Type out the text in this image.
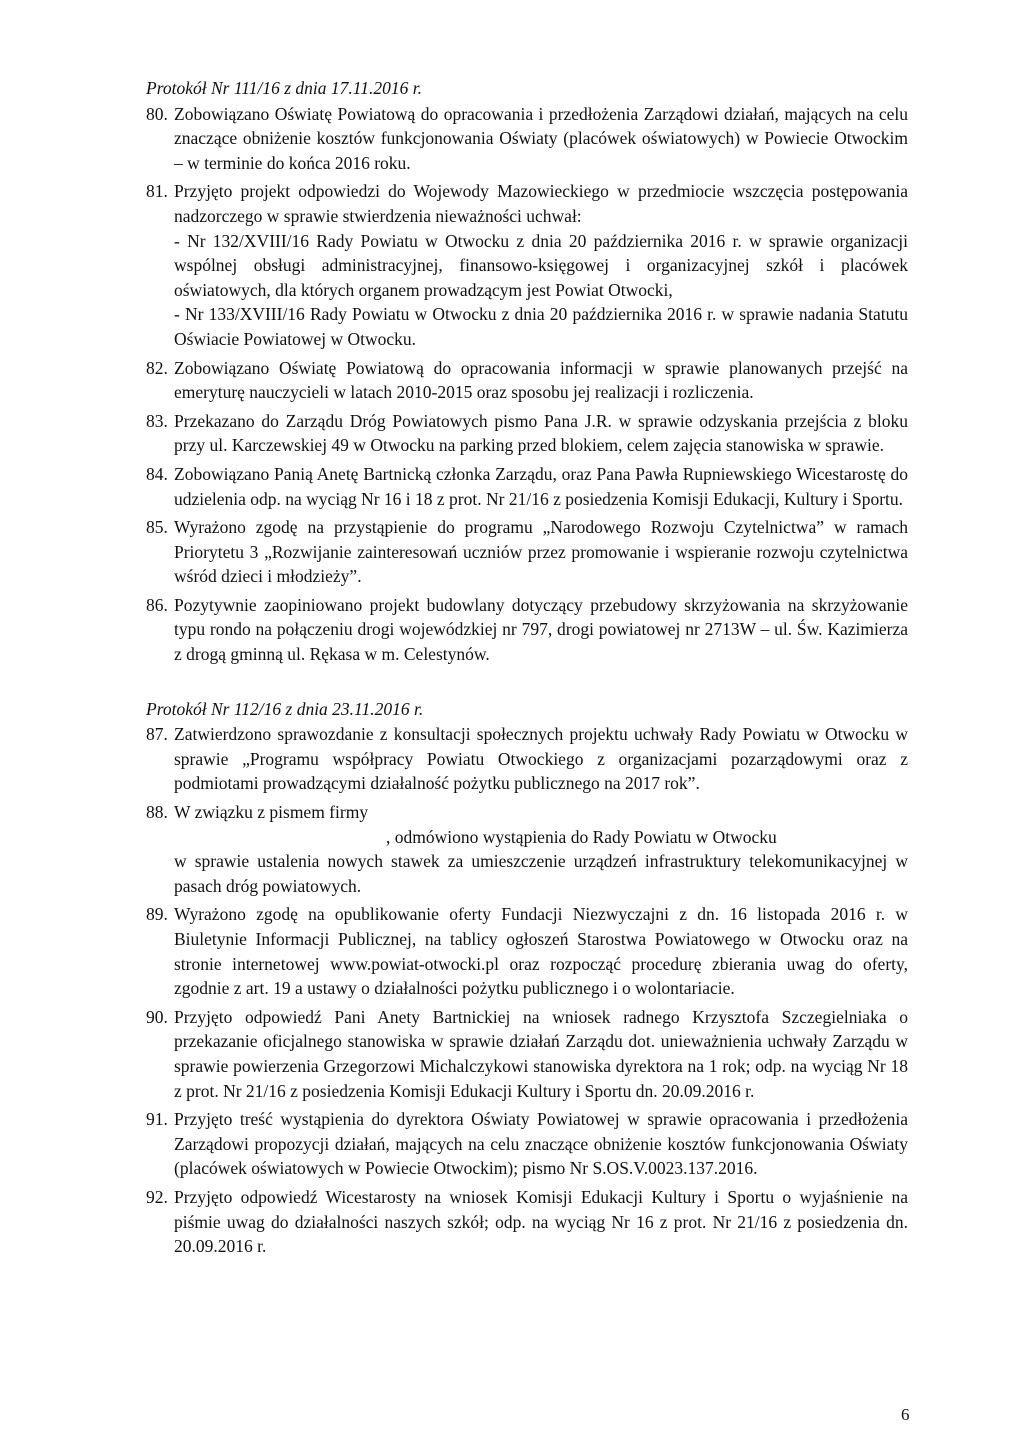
Protokół Nr 111/16 z dnia 17.11.2016 r.

80. Zobowiązano Oświatę Powiatową do opracowania i przedłożenia Zarządowi działań, mających na celu znaczące obniżenie kosztów funkcjonowania Oświaty (placówek oświatowych) w Powiecie Otwockim – w terminie do końca 2016 roku.
81. Przyjęto projekt odpowiedzi do Wojewody Mazowieckiego w przedmiocie wszczęcia postępowania nadzorczego w sprawie stwierdzenia nieważności uchwał:
- Nr 132/XVIII/16 Rady Powiatu w Otwocku z dnia 20 października 2016 r. w sprawie organizacji wspólnej obsługi administracyjnej, finansowo-księgowej i organizacyjnej szkół i placówek oświatowych, dla których organem prowadzącym jest Powiat Otwocki,
- Nr 133/XVIII/16 Rady Powiatu w Otwocku z dnia 20 października 2016 r. w sprawie nadania Statutu Oświacie Powiatowej w Otwocku.
82. Zobowiązano Oświatę Powiatową do opracowania informacji w sprawie planowanych przejść na emeryturę nauczycieli w latach 2010-2015 oraz sposobu jej realizacji i rozliczenia.
83. Przekazano do Zarządu Dróg Powiatowych pismo Pana J.R. w sprawie odzyskania przejścia z bloku przy ul. Karczewskiej 49 w Otwocku na parking przed blokiem, celem zajęcia stanowiska w sprawie.
84. Zobowiązano Panią Anetę Bartnicką członka Zarządu, oraz Pana Pawła Rupniewskiego Wicestarostę do udzielenia odp. na wyciąg Nr 16 i 18 z prot. Nr 21/16 z posiedzenia Komisji Edukacji, Kultury i Sportu.
85. Wyrażono zgodę na przystąpienie do programu „Narodowego Rozwoju Czytelnictwa” w ramach Priorytetu 3 „Rozwijanie zainteresowań uczniów przez promowanie i wspieranie rozwoju czytelnictwa wśród dzieci i młodzieży”.
86. Pozytywnie zaopiniowano projekt budowlany dotyczący przebudowy skrzyżowania na skrzyżowanie typu rondo na połączeniu drogi wojewódzkiej nr 797, drogi powiatowej nr 2713W – ul. Św. Kazimierza z drogą gminną ul. Rękasa w m. Celestynów.

Protokół Nr 112/16 z dnia 23.11.2016 r.

87. Zatwierdzono sprawozdanie z konsultacji społecznych projektu uchwały Rady Powiatu w Otwocku w sprawie „Programu współpracy Powiatu Otwockiego z organizacjami pozarządowymi oraz z podmiotami prowadzącymi działalność pożytku publicznego na 2017 rok”.
88. W związku z pismem firmy
, odmówiono wystąpienia do Rady Powiatu w Otwocku
w sprawie ustalenia nowych stawek za umieszczenie urządzeń infrastruktury telekomunikacyjnej w pasach dróg powiatowych.
89. Wyrażono zgodę na opublikowanie oferty Fundacji Niezwyczajni z dn. 16 listopada 2016 r. w Biuletynie Informacji Publicznej, na tablicy ogłoszeń Starostwa Powiatowego w Otwocku oraz na stronie internetowej www.powiat-otwocki.pl oraz rozpocząć procedurę zbierania uwag do oferty, zgodnie z art. 19 a ustawy o działalności pożytku publicznego i o wolontariacie.
90. Przyjęto odpowiedź Pani Anety Bartnickiej na wniosek radnego Krzysztofa Szczegielniaka o przekazanie oficjalnego stanowiska w sprawie działań Zarządu dot. unieważnienia uchwały Zarządu w sprawie powierzenia Grzegorzowi Michalczykowi stanowiska dyrektora na 1 rok; odp. na wyciąg Nr 18 z prot. Nr 21/16 z posiedzenia Komisji Edukacji Kultury i Sportu dn. 20.09.2016 r.
91. Przyjęto treść wystąpienia do dyrektora Oświaty Powiatowej w sprawie opracowania i przedłożenia Zarządowi propozycji działań, mających na celu znaczące obniżenie kosztów funkcjonowania Oświaty (placówek oświatowych w Powiecie Otwockim); pismo Nr S.OS.V.0023.137.2016.
92. Przyjęto odpowiedź Wicestarosty na wniosek Komisji Edukacji Kultury i Sportu o wyjaśnienie na piśmie uwag do działalności naszych szkół; odp. na wyciąg Nr 16 z prot. Nr 21/16 z posiedzenia dn. 20.09.2016 r.
6
